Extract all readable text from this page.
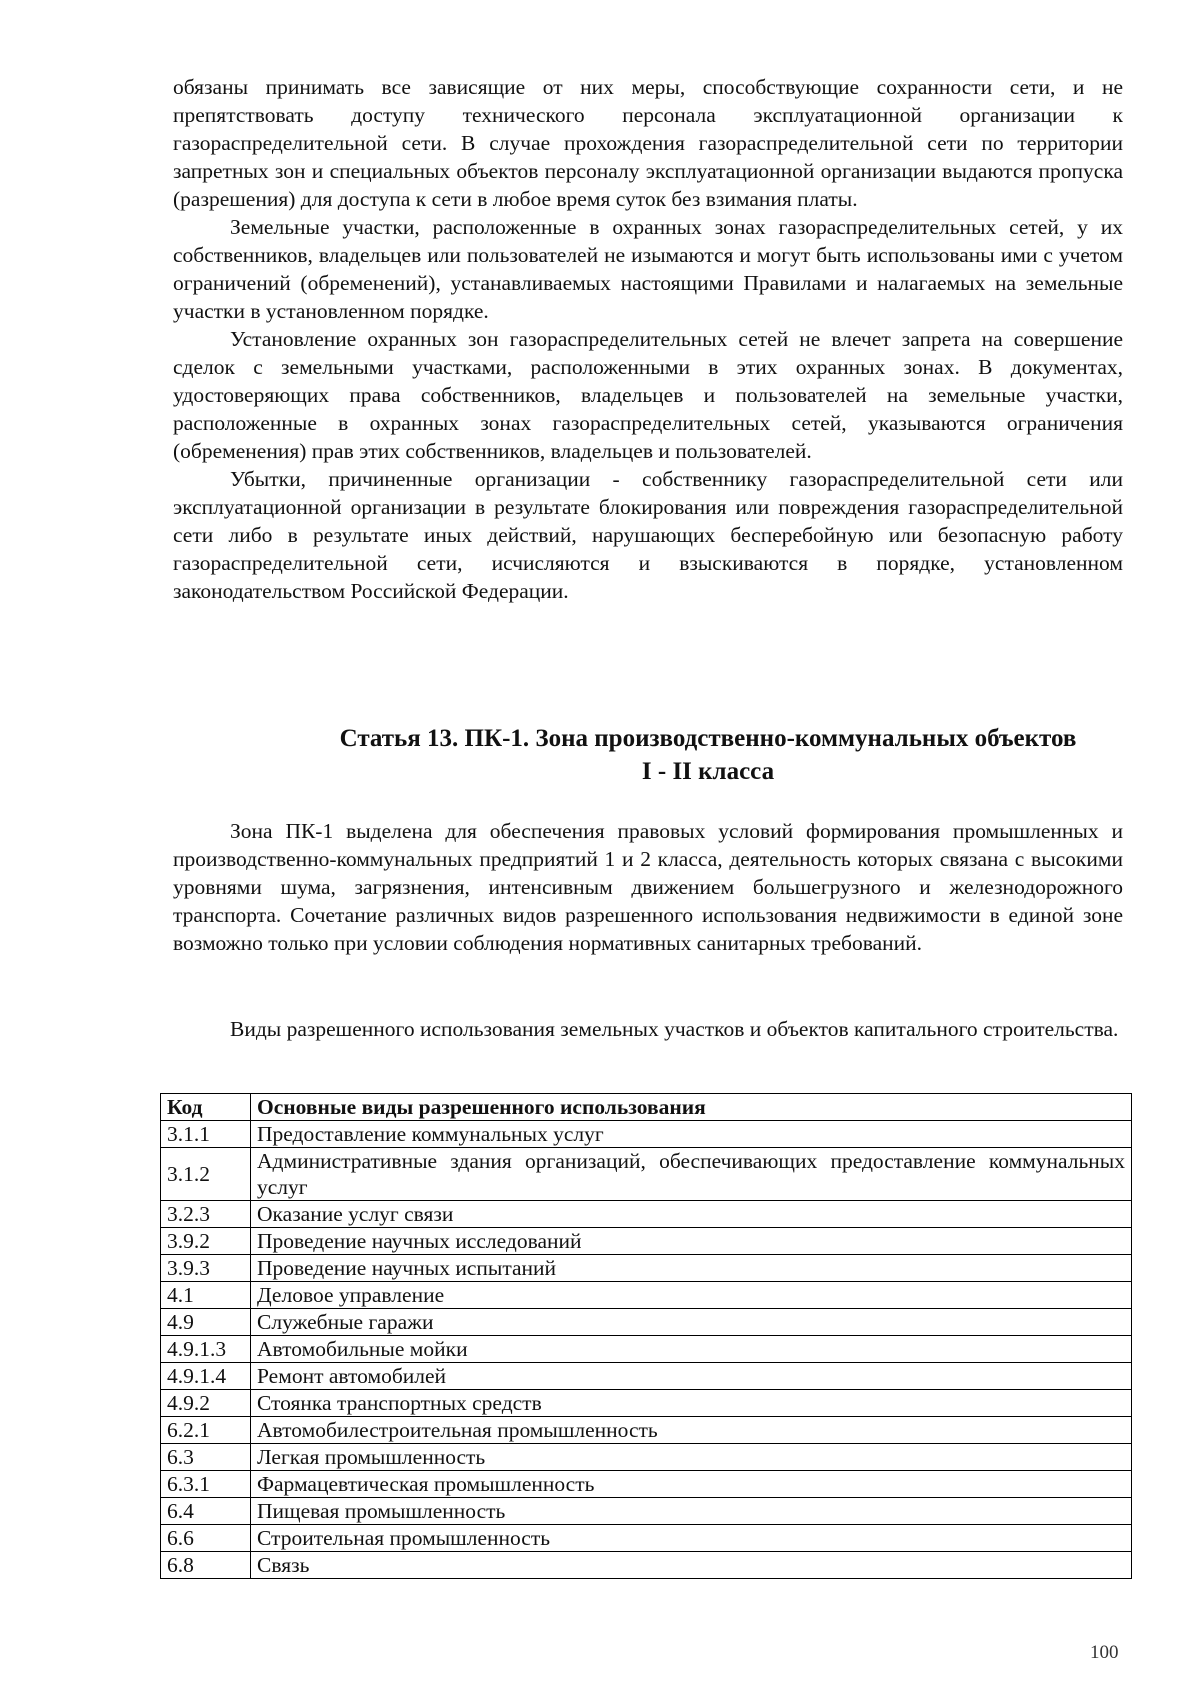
обязаны принимать все зависящие от них меры, способствующие сохранности сети, и не препятствовать доступу технического персонала эксплуатационной организации к газораспределительной сети. В случае прохождения газораспределительной сети по территории запретных зон и специальных объектов персоналу эксплуатационной организации выдаются пропуска (разрешения) для доступа к сети в любое время суток без взимания платы.

Земельные участки, расположенные в охранных зонах газораспределительных сетей, у их собственников, владельцев или пользователей не изымаются и могут быть использованы ими с учетом ограничений (обременений), устанавливаемых настоящими Правилами и налагаемых на земельные участки в установленном порядке.

Установление охранных зон газораспределительных сетей не влечет запрета на совершение сделок с земельными участками, расположенными в этих охранных зонах. В документах, удостоверяющих права собственников, владельцев и пользователей на земельные участки, расположенные в охранных зонах газораспределительных сетей, указываются ограничения (обременения) прав этих собственников, владельцев и пользователей.

Убытки, причиненные организации - собственнику газораспределительной сети или эксплуатационной организации в результате блокирования или повреждения газораспределительной сети либо в результате иных действий, нарушающих бесперебойную или безопасную работу газораспределительной сети, исчисляются и взыскиваются в порядке, установленном законодательством Российской Федерации.

Статья 13. ПК-1. Зона производственно-коммунальных объектов
I - II класса

Зона ПК-1 выделена для обеспечения правовых условий формирования промышленных и производственно-коммунальных предприятий 1 и 2 класса, деятельность которых связана с высокими уровнями шума, загрязнения, интенсивным движением большегрузного и железнодорожного транспорта. Сочетание различных видов разрешенного использования недвижимости в единой зоне возможно только при условии соблюдения нормативных санитарных требований.

Виды разрешенного использования земельных участков и объектов капитального строительства.

Код	Основные виды разрешенного использования
3.1.1	Предоставление коммунальных услуг
3.1.2	Административные здания организаций, обеспечивающих предоставление коммунальных услуг
3.2.3	Оказание услуг связи
3.9.2	Проведение научных исследований
3.9.3	Проведение научных испытаний
4.1	Деловое управление
4.9	Служебные гаражи
4.9.1.3	Автомобильные мойки
4.9.1.4	Ремонт автомобилей
4.9.2	Стоянка транспортных средств
6.2.1	Автомобилестроительная промышленность
6.3	Легкая промышленность
6.3.1	Фармацевтическая промышленность
6.4	Пищевая промышленность
6.6	Строительная промышленность
6.8	Связь
100
